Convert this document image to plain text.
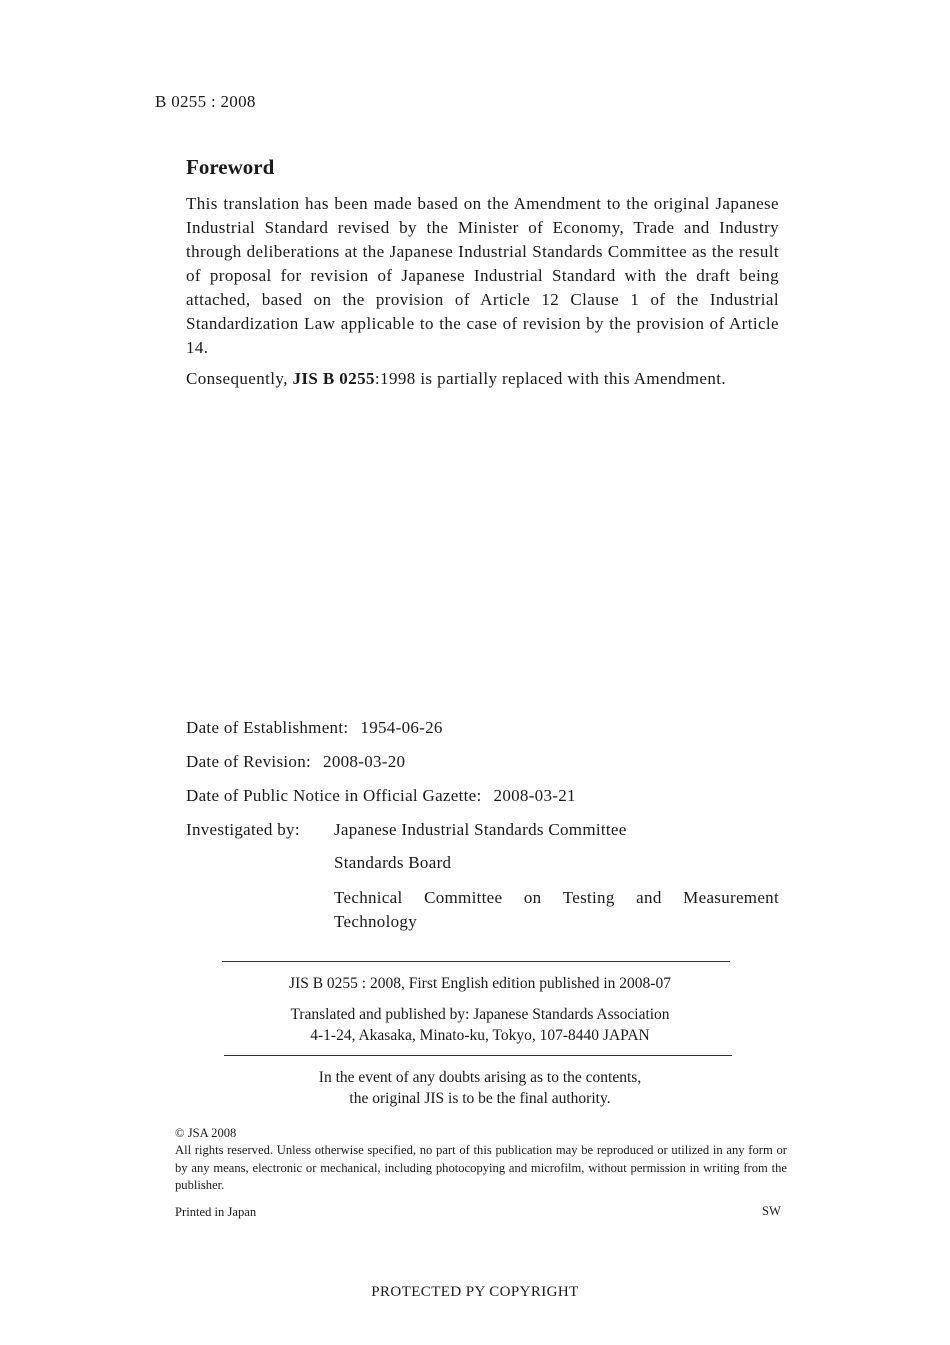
B 0255 : 2008
Foreword

This translation has been made based on the Amendment to the original Japanese Industrial Standard revised by the Minister of Economy, Trade and Industry through deliberations at the Japanese Industrial Standards Committee as the result of proposal for revision of Japanese Industrial Standard with the draft being attached, based on the provision of Article 12 Clause 1 of the Industrial Standardization Law applicable to the case of revision by the provision of Article 14.

Consequently, JIS B 0255:1998 is partially replaced with this Amendment.

Date of Establishment: 1954-06-26
Date of Revision: 2008-03-20
Date of Public Notice in Official Gazette: 2008-03-21
Investigated by: Japanese Industrial Standards Committee
Standards Board
Technical Committee on Testing and Measurement Technology
JIS B 0255 : 2008, First English edition published in 2008-07
Translated and published by: Japanese Standards Association
4-1-24, Akasaka, Minato-ku, Tokyo, 107-8440 JAPAN
In the event of any doubts arising as to the contents,
the original JIS is to be the final authority.
© JSA 2008
All rights reserved. Unless otherwise specified, no part of this publication may be reproduced or utilized in any form or by any means, electronic or mechanical, including photocopying and microfilm, without permission in writing from the publisher.
Printed in Japan	SW
PROTECTED PY COPYRIGHT
